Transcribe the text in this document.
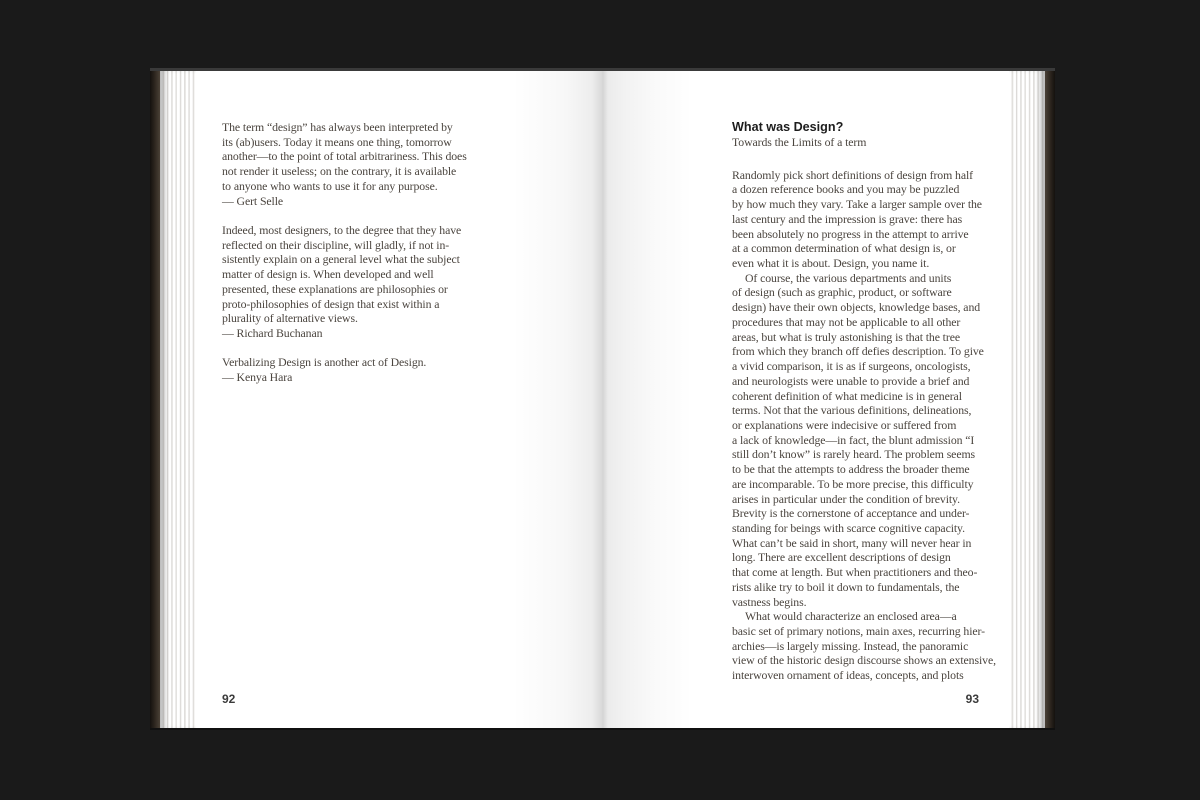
The term “design” has always been interpreted by
its (ab)users. Today it means one thing, tomorrow
another—to the point of total arbitrariness. This does
not render it useless; on the contrary, it is available
to anyone who wants to use it for any purpose.
— Gert Selle
Indeed, most designers, to the degree that they have
reflected on their discipline, will gladly, if not in-
sistently explain on a general level what the subject
matter of design is. When developed and well
presented, these explanations are philosophies or
proto-philosophies of design that exist within a
plurality of alternative views.
— Richard Buchanan
Verbalizing Design is another act of Design.
— Kenya Hara
92
What was Design?
Towards the Limits of a term
Randomly pick short definitions of design from half
a dozen reference books and you may be puzzled
by how much they vary. Take a larger sample over the
last century and the impression is grave: there has
been absolutely no progress in the attempt to arrive
at a common determination of what design is, or
even what it is about. Design, you name it.
Of course, the various departments and units
of design (such as graphic, product, or software
design) have their own objects, knowledge bases, and
procedures that may not be applicable to all other
areas, but what is truly astonishing is that the tree
from which they branch off defies description. To give
a vivid comparison, it is as if surgeons, oncologists,
and neurologists were unable to provide a brief and
coherent definition of what medicine is in general
terms. Not that the various definitions, delineations,
or explanations were indecisive or suffered from
a lack of knowledge—in fact, the blunt admission “I
still don’t know” is rarely heard. The problem seems
to be that the attempts to address the broader theme
are incomparable. To be more precise, this difficulty
arises in particular under the condition of brevity.
Brevity is the cornerstone of acceptance and under-
standing for beings with scarce cognitive capacity.
What can’t be said in short, many will never hear in
long. There are excellent descriptions of design
that come at length. But when practitioners and theo-
rists alike try to boil it down to fundamentals, the
vastness begins.
What would characterize an enclosed area—a
basic set of primary notions, main axes, recurring hier-
archies—is largely missing. Instead, the panoramic
view of the historic design discourse shows an extensive,
interwoven ornament of ideas, concepts, and plots
93
